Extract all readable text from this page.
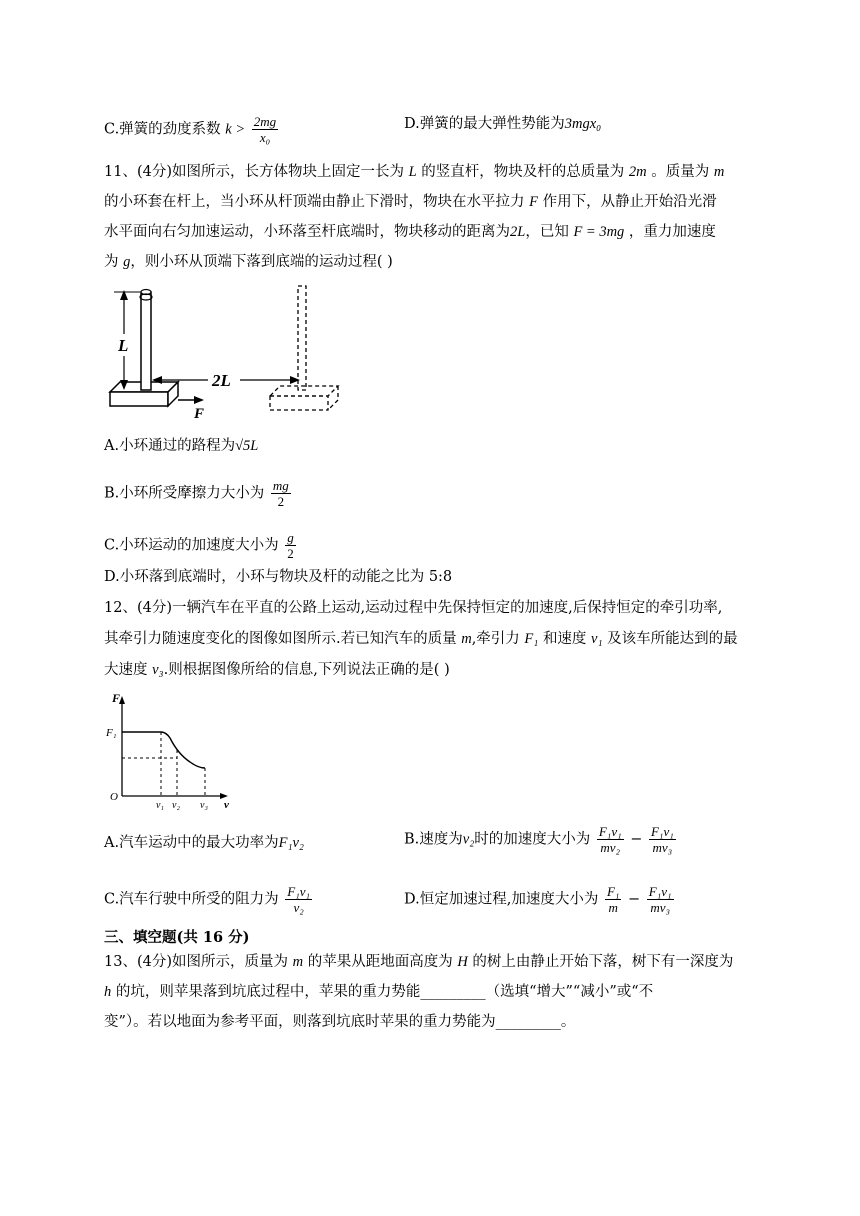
C.弹簧的劲度系数 $k > \frac{2mg}{\text{x₀}}$	D.弹簧的最大弹性势能为3mgx₀
11、(4分)如图所示，长方体物块上固定一长为 L 的竖直杆，物块及杆的总质量为 2m 。质量为 m
的小环套在杆上，当小环从杆顶端由静止下滑时，物块在水平拉力 F 作用下，从静止开始沿光滑
水平面向右匀加速运动，小环落至杆底端时，物块移动的距离为2L，已知 F = 3mg ，重力加速度
为 g，则小环从顶端下落到底端的运动过程( )
L
2L
F
A.小环通过的路程为√5L
B.小环所受摩擦力大小为 $\frac{mg}{2}$
C.小环运动的加速度大小为 $\frac{g}{2}$
D.小环落到底端时，小环与物块及杆的动能之比为 5:8
12、(4分)一辆汽车在平直的公路上运动,运动过程中先保持恒定的加速度,后保持恒定的牵引功率,
其牵引力随速度变化的图像如图所示.若已知汽车的质量 m,牵引力 F₁ 和速度 v₁ 及该车所能达到的最
大速度 v₃.则根据图像所给的信息,下列说法正确的是( )
F
F₁
O
v₁ v₂ v₃ v
A.汽车运动中的最大功率为F₁v₂	B.速度为v₂时的加速度大小为 $\frac{\text{F₁v₁}}{\text{mv₂}} - \frac{\text{F₁v₁}}{\text{mv₃}}$
C.汽车行驶中所受的阻力为 $\frac{\text{F₁v₁}}{\text{v₂}}$	D.恒定加速过程,加速度大小为 $\frac{\text{F₁}}{m} - \frac{\text{F₁v₁}}{\text{mv₃}}$
三、填空题(共 16 分)
13、(4分)如图所示，质量为 m 的苹果从距地面高度为 H 的树上由静止开始下落，树下有一深度为
h 的坑，则苹果落到坑底过程中，苹果的重力势能_________（选填“增大”“减小”或“不
变”）。若以地面为参考平面，则落到坑底时苹果的重力势能为_________。
